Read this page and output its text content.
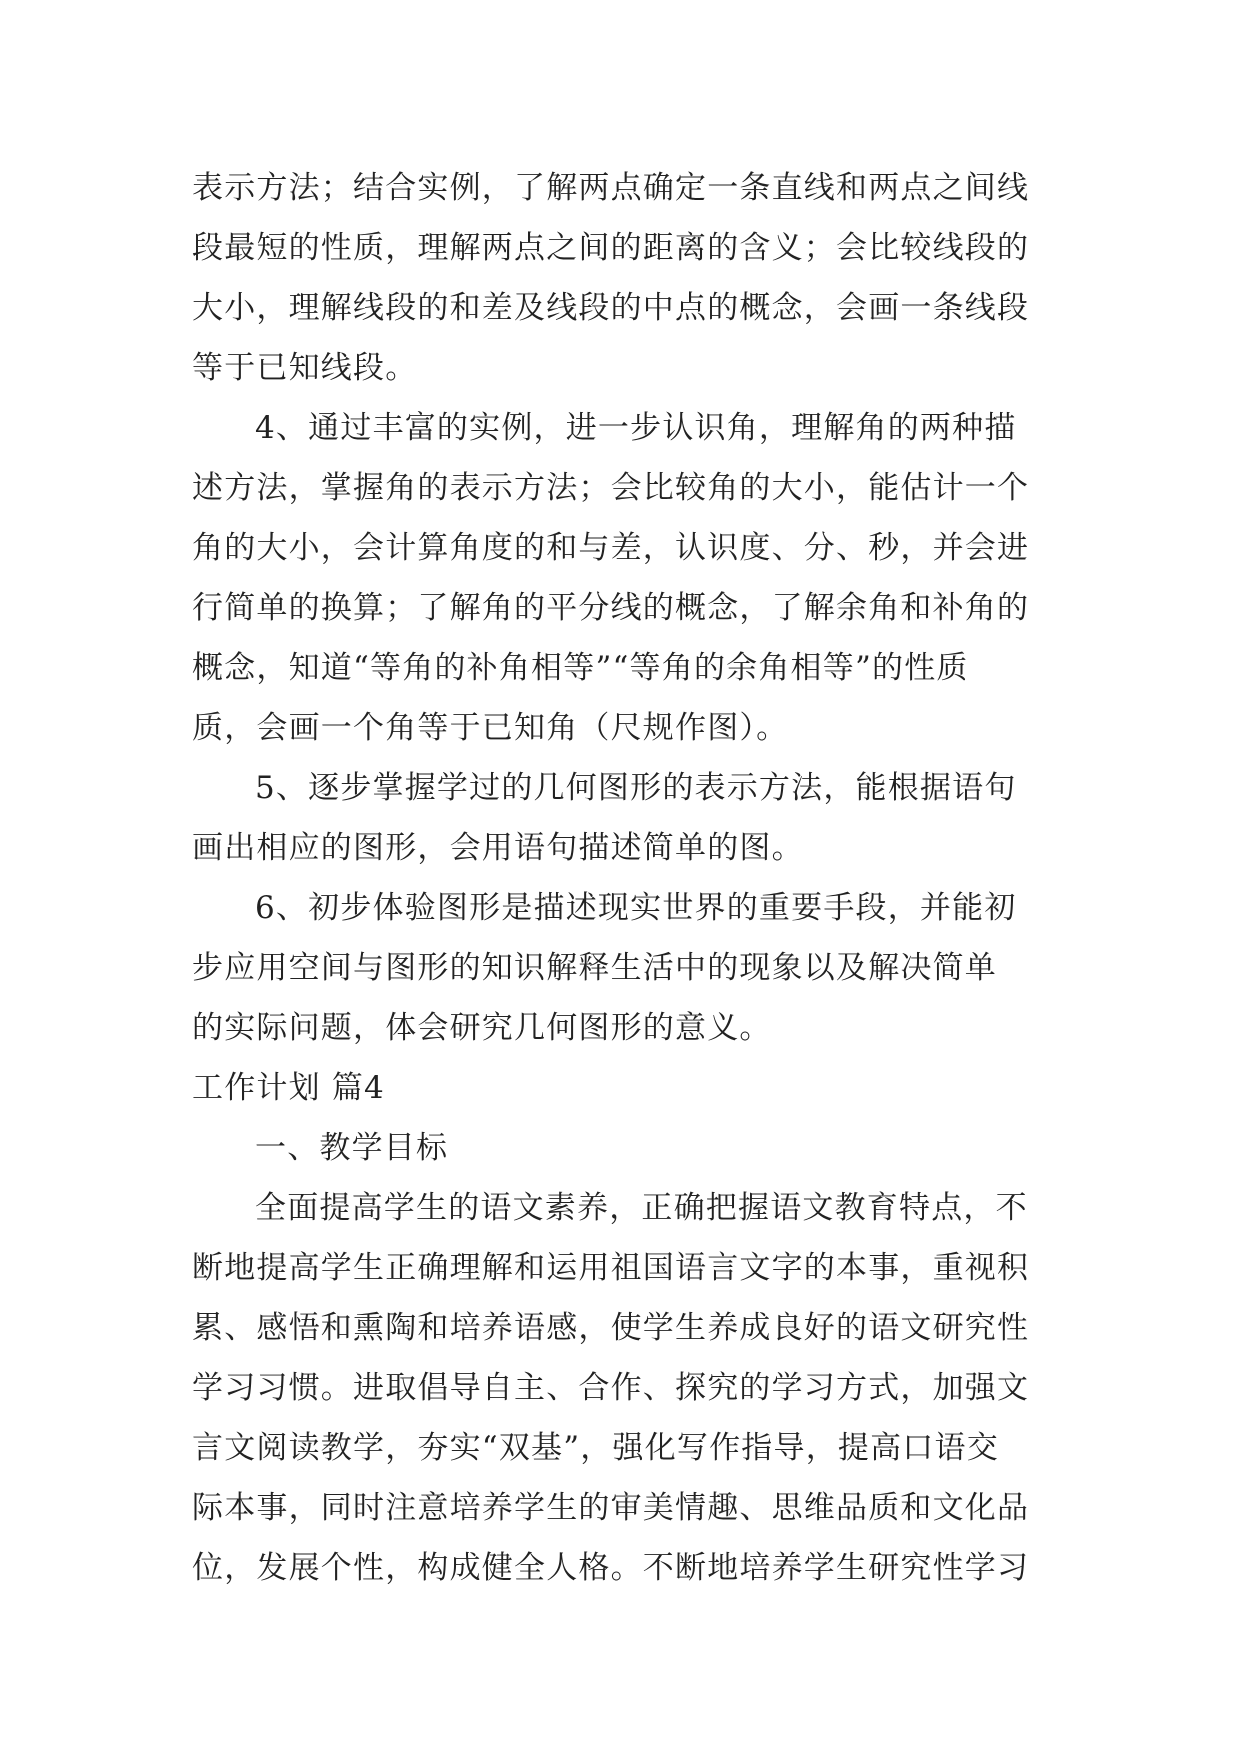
表示方法；结合实例，了解两点确定一条直线和两点之间线
段最短的性质，理解两点之间的距离的含义；会比较线段的
大小，理解线段的和差及线段的中点的概念，会画一条线段
等于已知线段。
4、通过丰富的实例，进一步认识角，理解角的两种描
述方法，掌握角的表示方法；会比较角的大小，能估计一个
角的大小，会计算角度的和与差，认识度、分、秒，并会进
行简单的换算；了解角的平分线的概念，了解余角和补角的
概念，知道“等角的补角相等”“等角的余角相等”的性质
质，会画一个角等于已知角（尺规作图）。
5、逐步掌握学过的几何图形的表示方法，能根据语句
画出相应的图形，会用语句描述简单的图。
6、初步体验图形是描述现实世界的重要手段，并能初
步应用空间与图形的知识解释生活中的现象以及解决简单
的实际问题，体会研究几何图形的意义。
工作计划 篇4
一、教学目标
全面提高学生的语文素养，正确把握语文教育特点，不
断地提高学生正确理解和运用祖国语言文字的本事，重视积
累、感悟和熏陶和培养语感，使学生养成良好的语文研究性
学习习惯。进取倡导自主、合作、探究的学习方式，加强文
言文阅读教学，夯实“双基”，强化写作指导，提高口语交
际本事，同时注意培养学生的审美情趣、思维品质和文化品
位，发展个性，构成健全人格。不断地培养学生研究性学习
